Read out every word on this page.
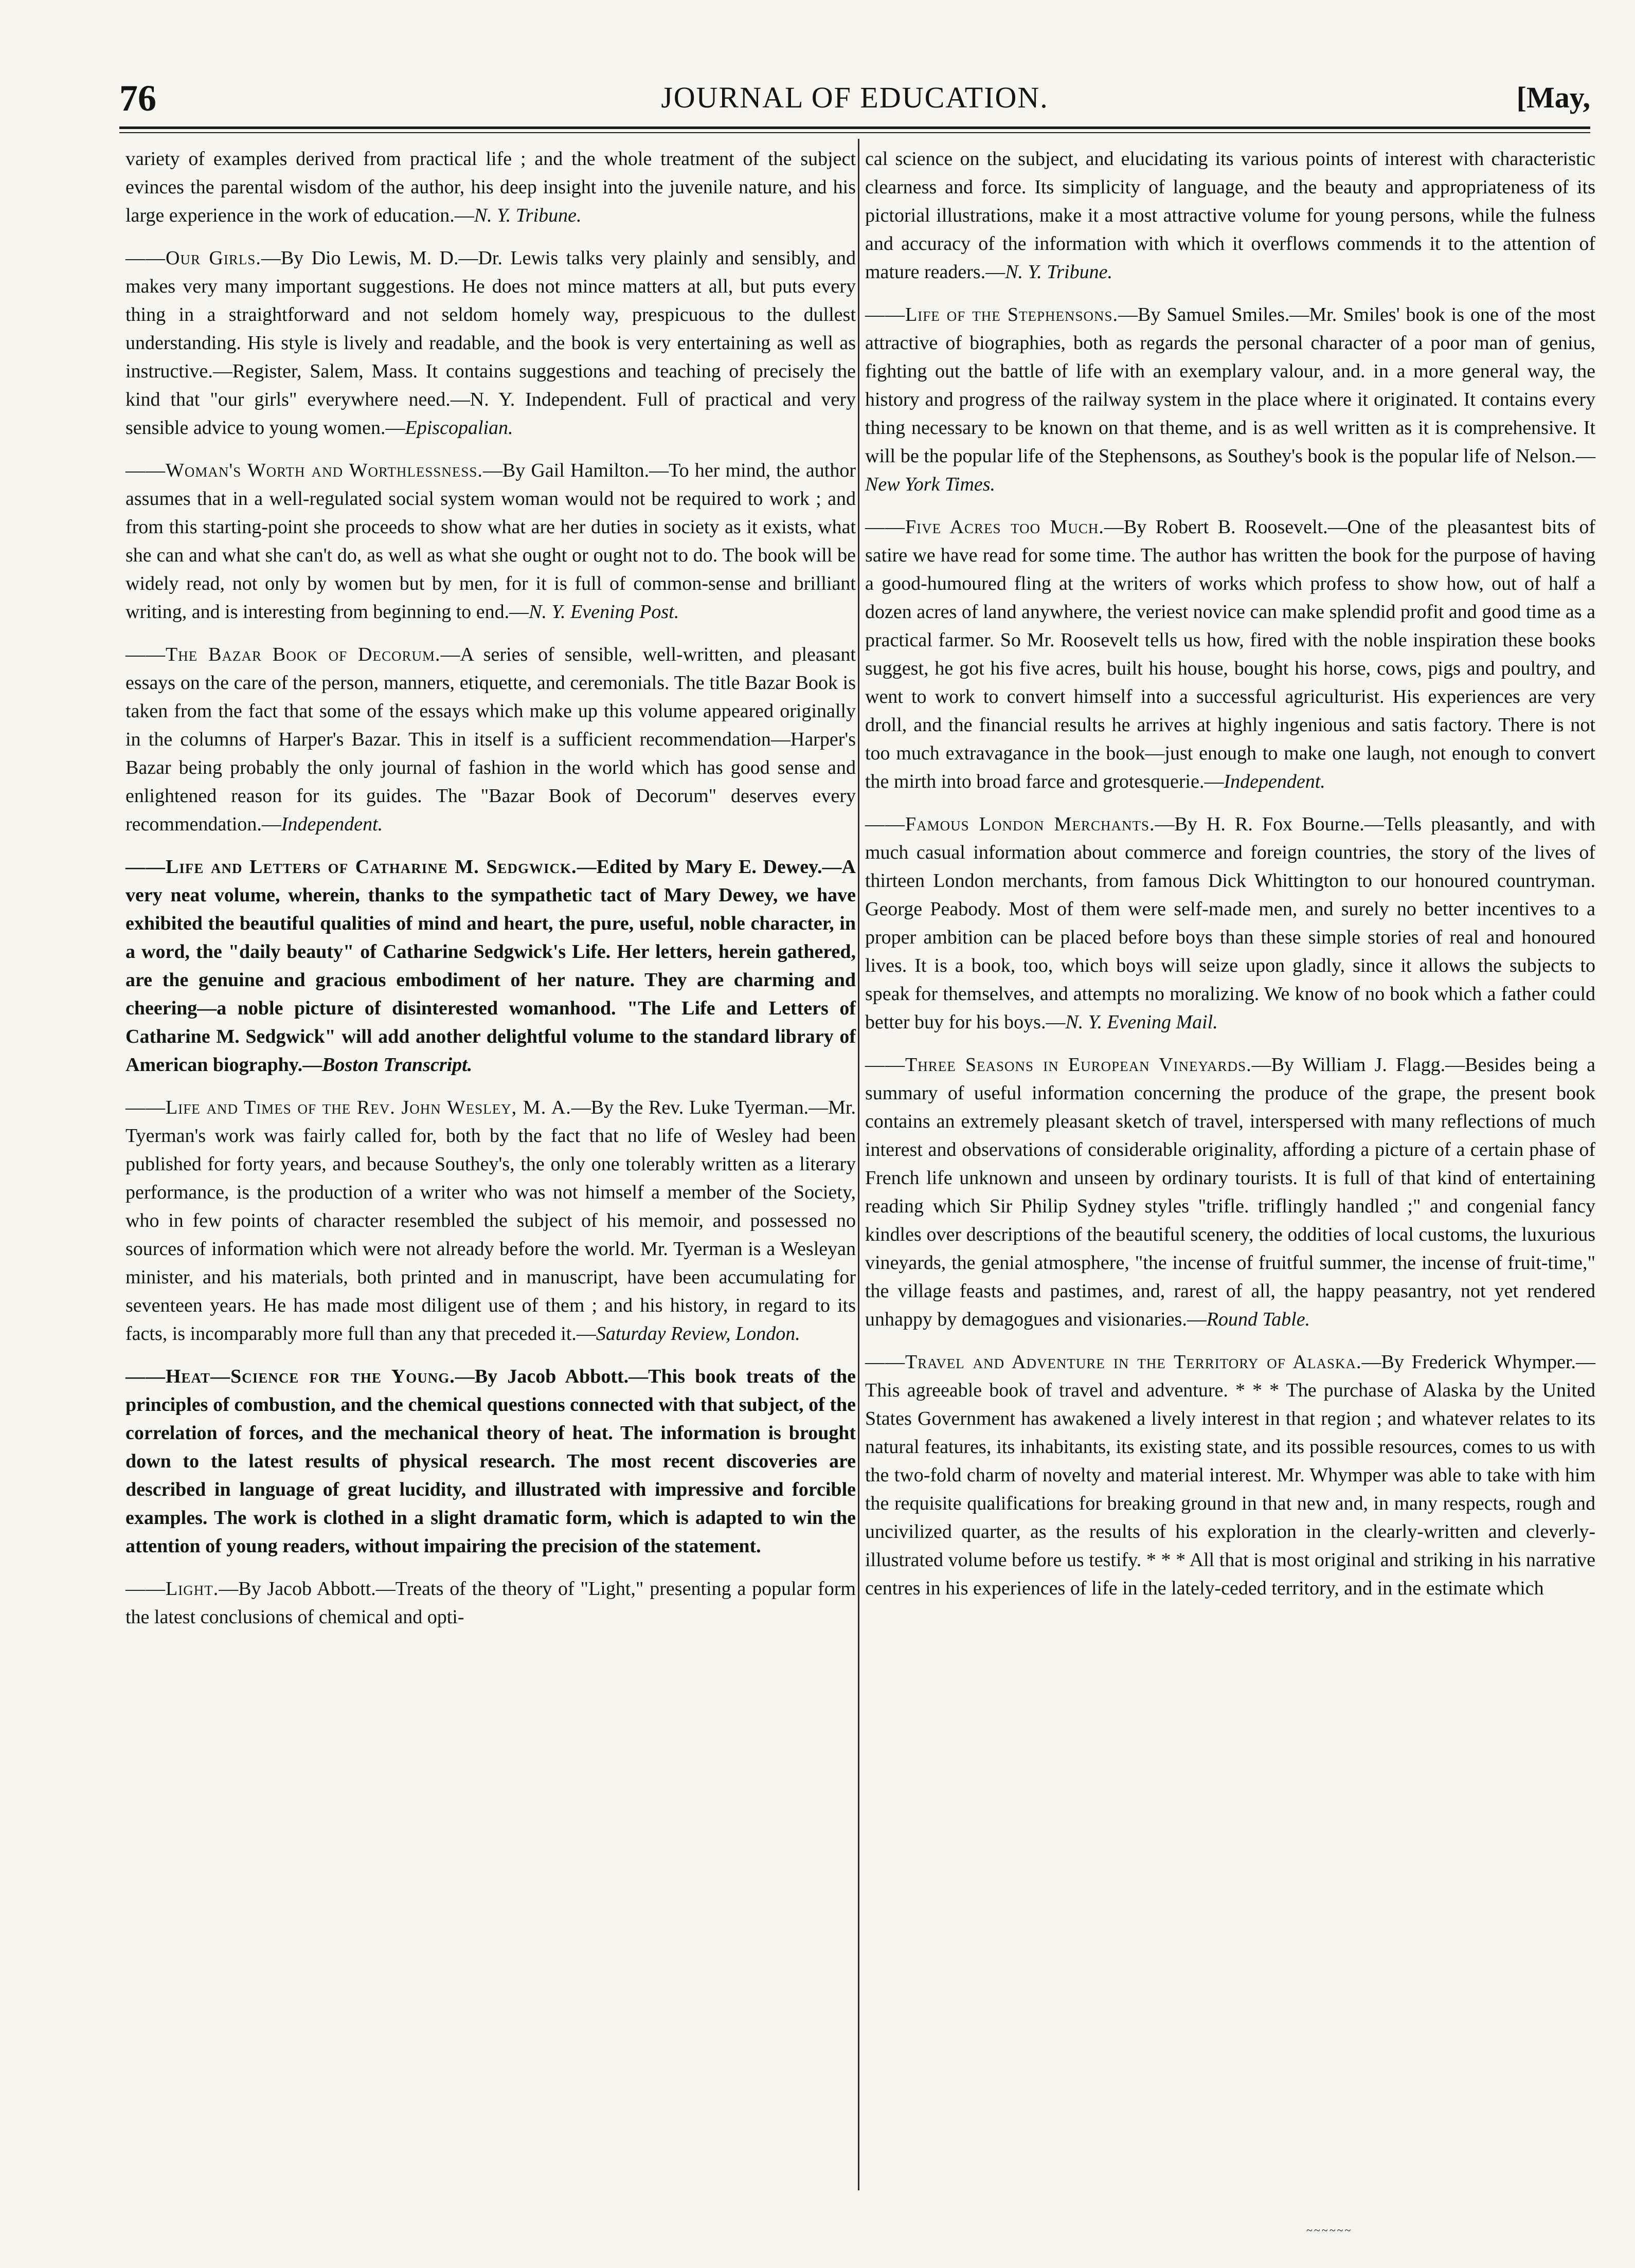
76	JOURNAL OF EDUCATION.	[May,

variety of examples derived from practical life ; and the whole treatment of the subject evinces the parental wisdom of the author, his deep insight into the juvenile nature, and his large experience in the work of education.—N. Y. Tribune.

——Our Girls.—By Dio Lewis, M. D.—Dr. Lewis talks very plainly and sensibly, and makes very many important suggestions. He does not mince matters at all, but puts every thing in a straightforward and not seldom homely way, prespicuous to the dullest understanding. His style is lively and readable, and the book is very entertaining as well as instructive.—Register, Salem, Mass. It contains suggestions and teaching of precisely the kind that "our girls" everywhere need.—N. Y. Independent. Full of practical and very sensible advice to young women.—Episcopalian.

——Woman's Worth and Worthlessness.—By Gail Hamilton.—To her mind, the author assumes that in a well-regulated social system woman would not be required to work ; and from this starting-point she proceeds to show what are her duties in society as it exists, what she can and what she can't do, as well as what she ought or ought not to do. The book will be widely read, not only by women but by men, for it is full of common-sense and brilliant writing, and is interesting from beginning to end.—N. Y. Evening Post.

——The Bazar Book of Decorum.—A series of sensible, well-written, and pleasant essays on the care of the person, manners, etiquette, and ceremonials. The title Bazar Book is taken from the fact that some of the essays which make up this volume appeared originally in the columns of Harper's Bazar. This in itself is a sufficient recommendation—Harper's Bazar being probably the only journal of fashion in the world which has good sense and enlightened reason for its guides. The "Bazar Book of Decorum" deserves every recommendation.—Independent.

——Life and Letters of Catharine M. Sedgwick.—Edited by Mary E. Dewey.—A very neat volume, wherein, thanks to the sympathetic tact of Mary Dewey, we have exhibited the beautiful qualities of mind and heart, the pure, useful, noble character, in a word, the "daily beauty" of Catharine Sedgwick's Life. Her letters, herein gathered, are the genuine and gracious embodiment of her nature. They are charming and cheering—a noble picture of disinterested womanhood. "The Life and Letters of Catharine M. Sedgwick" will add another delightful volume to the standard library of American biography.—Boston Transcript.

——Life and Times of the Rev. John Wesley, M. A.—By the Rev. Luke Tyerman.—Mr. Tyerman's work was fairly called for, both by the fact that no life of Wesley had been published for forty years, and because Southey's, the only one tolerably written as a literary performance, is the production of a writer who was not himself a member of the Society, who in few points of character resembled the subject of his memoir, and possessed no sources of information which were not already before the world. Mr. Tyerman is a Wesleyan minister, and his materials, both printed and in manuscript, have been accumulating for seventeen years. He has made most diligent use of them ; and his history, in regard to its facts, is incomparably more full than any that preceded it.—Saturday Review, London.

——Heat—Science for the Young.—By Jacob Abbott.—This book treats of the principles of combustion, and the chemical questions connected with that subject, of the correlation of forces, and the mechanical theory of heat. The information is brought down to the latest results of physical research. The most recent discoveries are described in language of great lucidity, and illustrated with impressive and forcible examples. The work is clothed in a slight dramatic form, which is adapted to win the attention of young readers, without impairing the precision of the statement.

——Light.—By Jacob Abbott.—Treats of the theory of "Light," presenting a popular form the latest conclusions of chemical and opti-

cal science on the subject, and elucidating its various points of interest with characteristic clearness and force. Its simplicity of language, and the beauty and appropriateness of its pictorial illustrations, make it a most attractive volume for young persons, while the fulness and accuracy of the information with which it overflows commends it to the attention of mature readers.—N. Y. Tribune.

——Life of the Stephensons.—By Samuel Smiles.—Mr. Smiles' book is one of the most attractive of biographies, both as regards the personal character of a poor man of genius, fighting out the battle of life with an exemplary valour, and. in a more general way, the history and progress of the railway system in the place where it originated. It contains every thing necessary to be known on that theme, and is as well written as it is comprehensive. It will be the popular life of the Stephensons, as Southey's book is the popular life of Nelson.—New York Times.

——Five Acres too Much.—By Robert B. Roosevelt.—One of the pleasantest bits of satire we have read for some time. The author has written the book for the purpose of having a good-humoured fling at the writers of works which profess to show how, out of half a dozen acres of land anywhere, the veriest novice can make splendid profit and good time as a practical farmer. So Mr. Roosevelt tells us how, fired with the noble inspiration these books suggest, he got his five acres, built his house, bought his horse, cows, pigs and poultry, and went to work to convert himself into a successful agriculturist. His experiences are very droll, and the financial results he arrives at highly ingenious and satis factory. There is not too much extravagance in the book—just enough to make one laugh, not enough to convert the mirth into broad farce and grotesquerie.—Independent.

——Famous London Merchants.—By H. R. Fox Bourne.—Tells pleasantly, and with much casual information about commerce and foreign countries, the story of the lives of thirteen London merchants, from famous Dick Whittington to our honoured countryman. George Peabody. Most of them were self-made men, and surely no better incentives to a proper ambition can be placed before boys than these simple stories of real and honoured lives. It is a book, too, which boys will seize upon gladly, since it allows the subjects to speak for themselves, and attempts no moralizing. We know of no book which a father could better buy for his boys.—N. Y. Evening Mail.

——Three Seasons in European Vineyards.—By William J. Flagg.—Besides being a summary of useful information concerning the produce of the grape, the present book contains an extremely pleasant sketch of travel, interspersed with many reflections of much interest and observations of considerable originality, affording a picture of a certain phase of French life unknown and unseen by ordinary tourists. It is full of that kind of entertaining reading which Sir Philip Sydney styles "trifle. triflingly handled ;" and congenial fancy kindles over descriptions of the beautiful scenery, the oddities of local customs, the luxurious vineyards, the genial atmosphere, "the incense of fruitful summer, the incense of fruit-time," the village feasts and pastimes, and, rarest of all, the happy peasantry, not yet rendered unhappy by demagogues and visionaries.—Round Table.

——Travel and Adventure in the Territory of Alaska.—By Frederick Whymper.—This agreeable book of travel and adventure. * * * The purchase of Alaska by the United States Government has awakened a lively interest in that region ; and whatever relates to its natural features, its inhabitants, its existing state, and its possible resources, comes to us with the two-fold charm of novelty and material interest. Mr. Whymper was able to take with him the requisite qualifications for breaking ground in that new and, in many respects, rough and uncivilized quarter, as the results of his exploration in the clearly-written and cleverly-illustrated volume before us testify. * * * All that is most original and striking in his narrative centres in his experiences of life in the lately-ceded territory, and in the estimate which

~~~~~~
